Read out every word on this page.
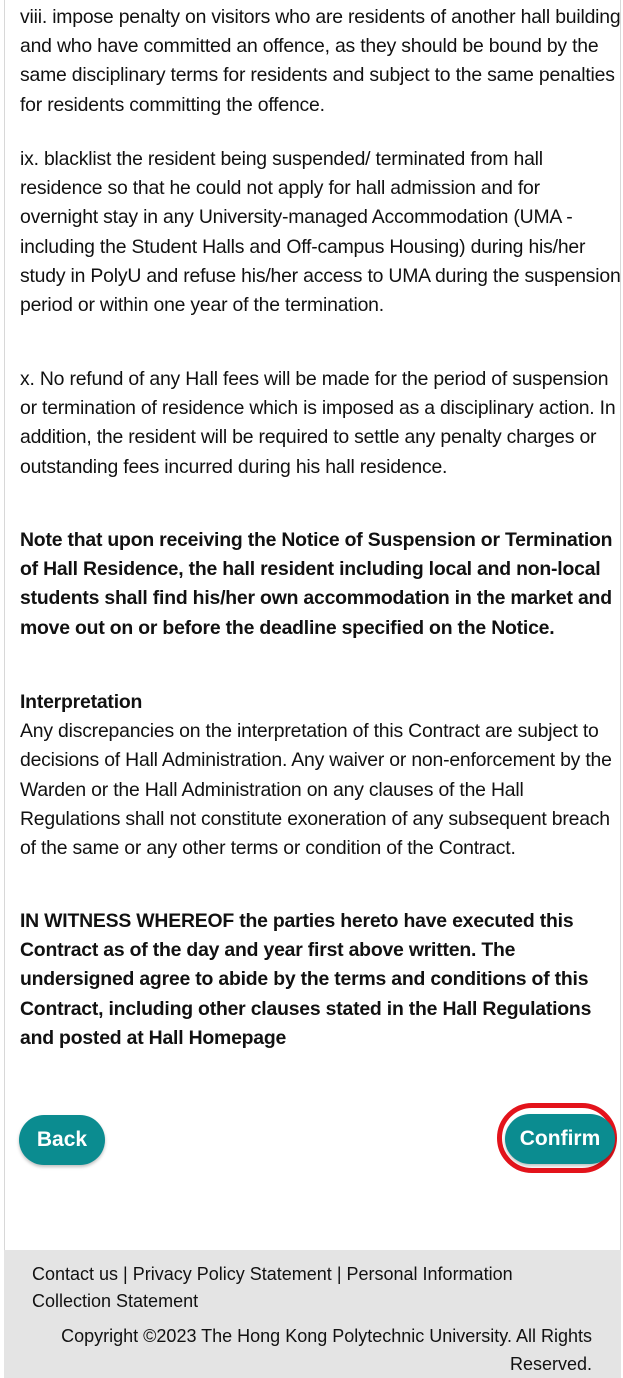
viii. impose penalty on visitors who are residents of another hall building and who have committed an offence, as they should be bound by the same disciplinary terms for residents and subject to the same penalties for residents committing the offence.

ix. blacklist the resident being suspended/ terminated from hall residence so that he could not apply for hall admission and for overnight stay in any University-managed Accommodation (UMA - including the Student Halls and Off-campus Housing) during his/her study in PolyU and refuse his/her access to UMA during the suspension period or within one year of the termination.

x. No refund of any Hall fees will be made for the period of suspension or termination of residence which is imposed as a disciplinary action. In addition, the resident will be required to settle any penalty charges or outstanding fees incurred during his hall residence.

Note that upon receiving the Notice of Suspension or Termination of Hall Residence, the hall resident including local and non-local students shall find his/her own accommodation in the market and move out on or before the deadline specified on the Notice.

Interpretation
Any discrepancies on the interpretation of this Contract are subject to decisions of Hall Administration. Any waiver or non-enforcement by the Warden or the Hall Administration on any clauses of the Hall Regulations shall not constitute exoneration of any subsequent breach of the same or any other terms or condition of the Contract.

IN WITNESS WHEREOF the parties hereto have executed this Contract as of the day and year first above written. The undersigned agree to abide by the terms and conditions of this Contract, including other clauses stated in the Hall Regulations and posted at Hall Homepage

Back	Confirm
Contact us | Privacy Policy Statement | Personal Information Collection Statement
Copyright ©2023 The Hong Kong Polytechnic University. All Rights Reserved.
